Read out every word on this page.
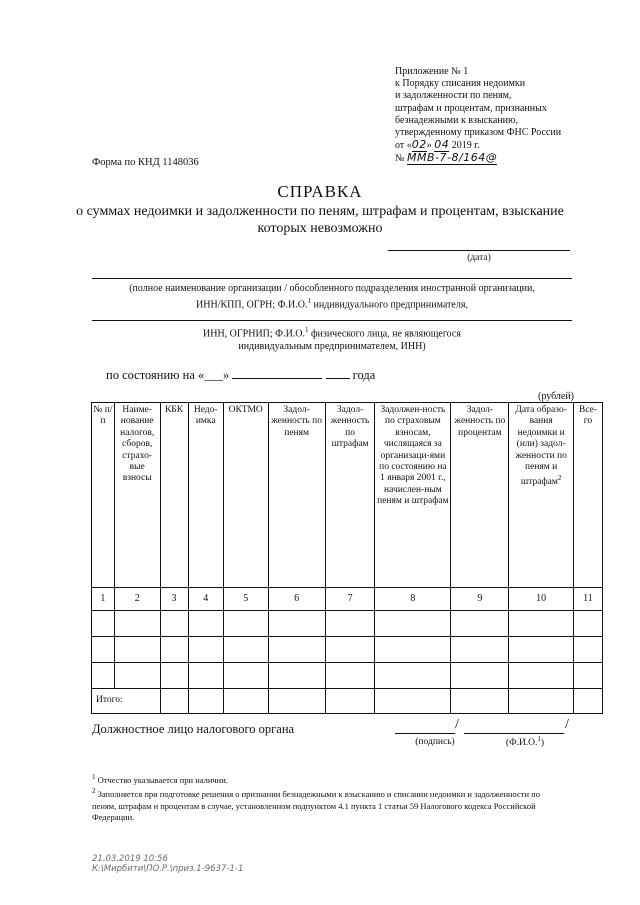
Приложение № 1
к Порядку списания недоимки
и задолженности по пеням,
штрафам и процентам, признанных
безнадежными к взысканию,
утвержденному приказом ФНС России
от «02» 04 2019 г.
№ ММВ-7-8/164@
Форма по КНД 1148036
СПРАВКА
о суммах недоимки и задолженности по пеням, штрафам и процентам, взыскание которых невозможно
(дата)
(полное наименование организации / обособленного подразделения иностранной организации,
ИНН/КПП, ОГРН; Ф.И.О.$^1$ индивидуального предпринимателя,
ИНН, ОГРНИП; Ф.И.О.$^1$ физического лица, не являющегося
индивидуальным предпринимателем, ИНН)
по состоянию на «___»	года
(рублей)
№ п/п	Наиме-нование налогов, сборов, страхо-вые взносы	КБК	Недо-имка	ОКТМО	Задол-женность по пеням	Задол-женность по штрафам	Задолжен-ность по страховым взносам, числящаяся за организаци-ями по состоянию на 1 января 2001 г., начислен-ным пеням и штрафам	Задол-женность по процентам	Дата образо-вания недоимки и (или) задол-женности по пеням и штрафам$^2$	Все-го
1	2	3	4	5	6	7	8	9	10	11

Итого:										
Должностное лицо налогового органа	/	/
(подпись)	(Ф.И.О.$^1$)
$^1$ Отчество указывается при наличии.
$^2$ Заполняется при подготовке решения о признании безнадежными к взысканию и списании недоимки и задолженности по пеням, штрафам и процентам в случае, установленном подпунктом 4.1 пункта 1 статьи 59 Налогового кодекса Российской Федерации.
21.03.2019 10:56
К:\Мирбити\ПО.Р.\приз.1-9637-1-1
